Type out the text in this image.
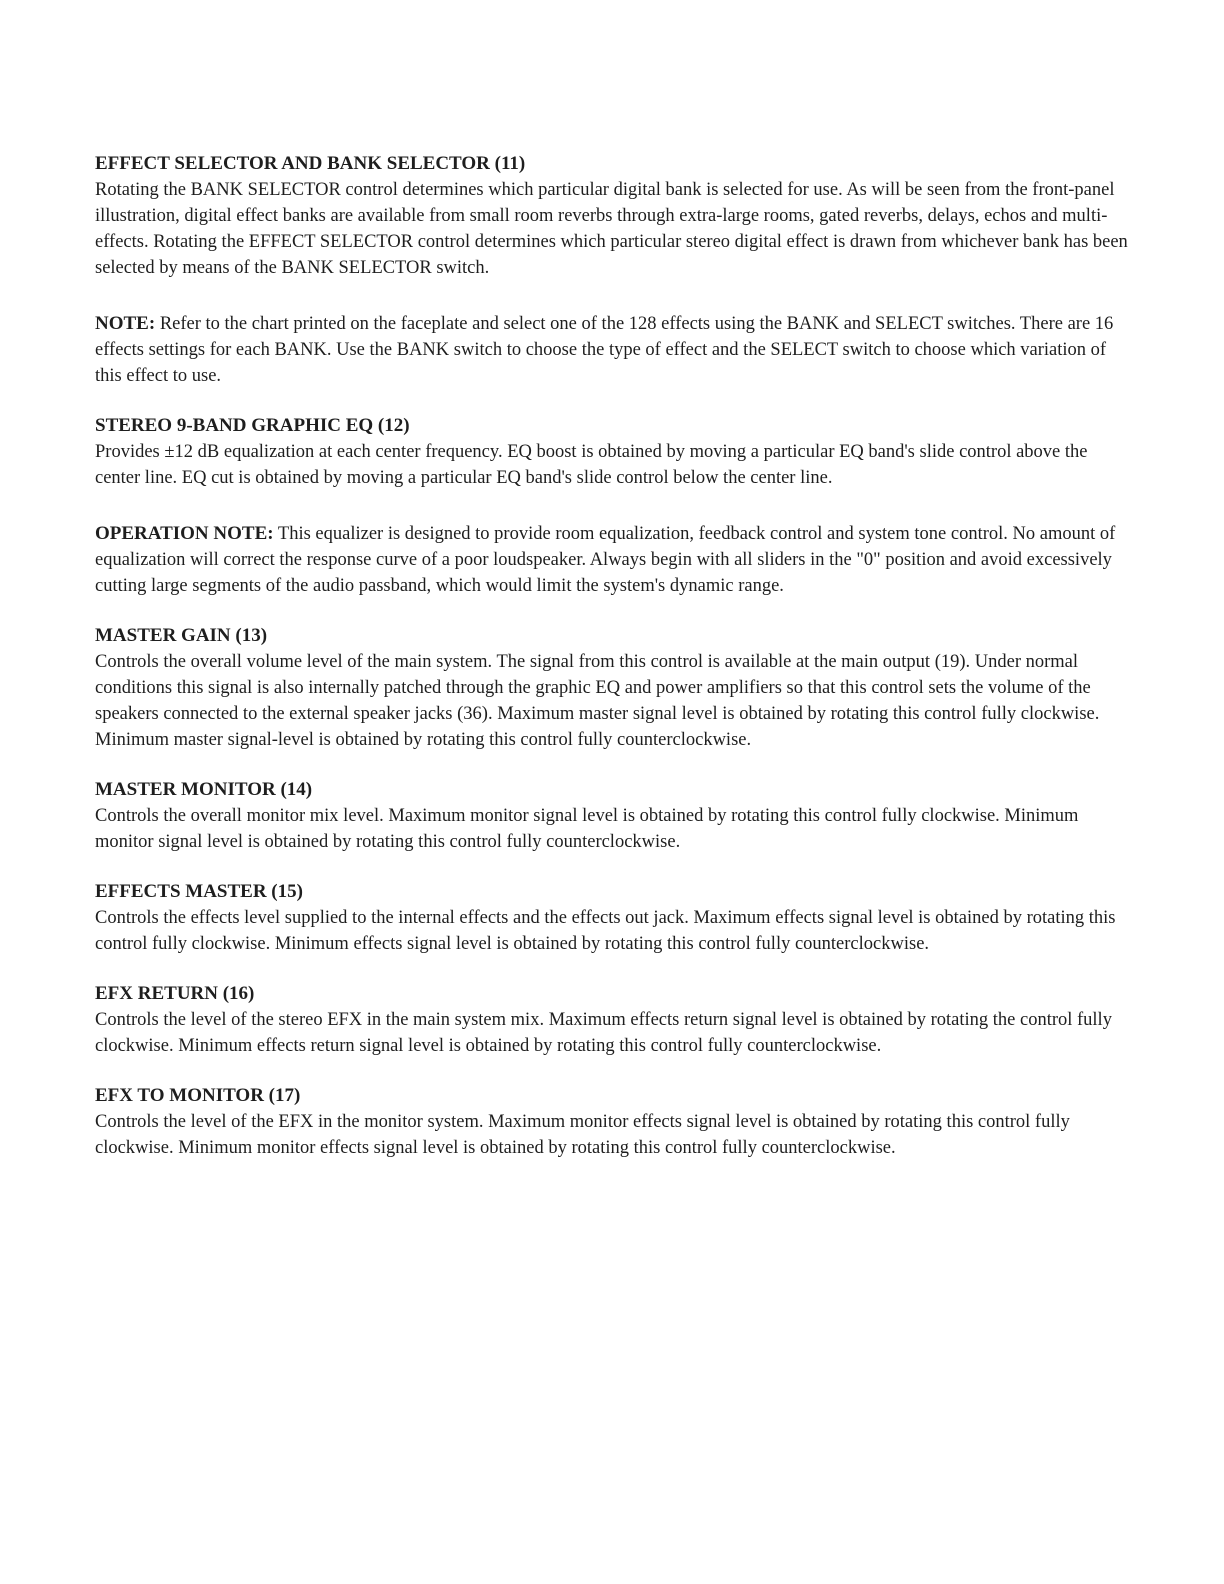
EFFECT SELECTOR AND BANK SELECTOR (11)

Rotating the BANK SELECTOR control determines which particular digital bank is selected for use. As will be seen from the front-panel illustration, digital effect banks are available from small room reverbs through extra-large rooms, gated reverbs, delays, echos and multi-effects. Rotating the EFFECT SELECTOR control determines which particular stereo digital effect is drawn from whichever bank has been selected by means of the BANK SELECTOR switch.

NOTE: Refer to the chart printed on the faceplate and select one of the 128 effects using the BANK and SELECT switches. There are 16 effects settings for each BANK. Use the BANK switch to choose the type of effect and the SELECT switch to choose which variation of this effect to use.

STEREO 9-BAND GRAPHIC EQ (12)

Provides ±12 dB equalization at each center frequency. EQ boost is obtained by moving a particular EQ band's slide control above the center line. EQ cut is obtained by moving a particular EQ band's slide control below the center line.

OPERATION NOTE: This equalizer is designed to provide room equalization, feedback control and system tone control. No amount of equalization will correct the response curve of a poor loudspeaker. Always begin with all sliders in the "0" position and avoid excessively cutting large segments of the audio passband, which would limit the system's dynamic range.

MASTER GAIN (13)

Controls the overall volume level of the main system. The signal from this control is available at the main output (19). Under normal conditions this signal is also internally patched through the graphic EQ and power amplifiers so that this control sets the volume of the speakers connected to the external speaker jacks (36). Maximum master signal level is obtained by rotating this control fully clockwise. Minimum master signal-level is obtained by rotating this control fully counterclockwise.

MASTER MONITOR (14)

Controls the overall monitor mix level. Maximum monitor signal level is obtained by rotating this control fully clockwise. Minimum monitor signal level is obtained by rotating this control fully counterclockwise.

EFFECTS MASTER (15)

Controls the effects level supplied to the internal effects and the effects out jack. Maximum effects signal level is obtained by rotating this control fully clockwise. Minimum effects signal level is obtained by rotating this control fully counterclockwise.

EFX RETURN (16)

Controls the level of the stereo EFX in the main system mix. Maximum effects return signal level is obtained by rotating the control fully clockwise. Minimum effects return signal level is obtained by rotating this control fully counterclockwise.

EFX TO MONITOR (17)

Controls the level of the EFX in the monitor system. Maximum monitor effects signal level is obtained by rotating this control fully clockwise. Minimum monitor effects signal level is obtained by rotating this control fully counterclockwise.
